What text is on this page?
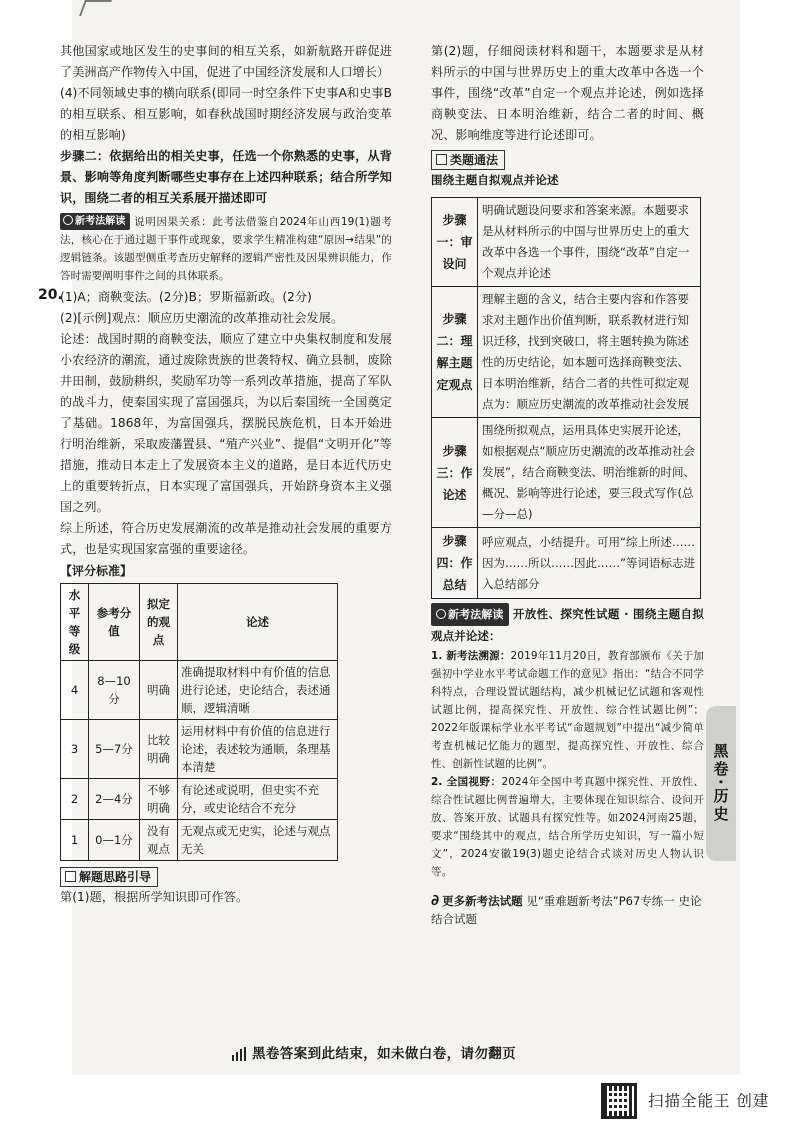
其他国家或地区发生的史事间的相互关系，如新航路开辟促进了美洲高产作物传入中国，促进了中国经济发展和人口增长）

(4)不同领域史事的横向联系(即同一时空条件下史事A和史事B的相互联系、相互影响，如春秋战国时期经济发展与政治变革的相互影响)

步骤二：依据给出的相关史事，任选一个你熟悉的史事，从背景、影响等角度判断哪些史事存在上述四种联系；结合所学知识，围绕二者的相互关系展开描述即可

新考法解读 说明因果关系：此考法借鉴自2024年山西19(1)题考法，核心在于通过题干事件或现象，要求学生精准构建“原因→结果”的逻辑链条。该题型侧重考查历史解释的逻辑严密性及因果辨识能力，作答时需要阐明事件之间的具体联系。

20.

(1)A；商鞅变法。(2分)B；罗斯福新政。(2分)

(2)[示例]观点：顺应历史潮流的改革推动社会发展。

论述：战国时期的商鞅变法，顺应了建立中央集权制度和发展小农经济的潮流，通过废除贵族的世袭特权、确立县制，废除井田制，鼓励耕织，奖励军功等一系列改革措施，提高了军队的战斗力，使秦国实现了富国强兵，为以后秦国统一全国奠定了基础。1868年，为富国强兵，摆脱民族危机，日本开始进行明治维新，采取废藩置县、“殖产兴业”、提倡“文明开化”等措施，推动日本走上了发展资本主义的道路，是日本近代历史上的重要转折点，日本实现了富国强兵，开始跻身资本主义强国之列。

综上所述，符合历史发展潮流的改革是推动社会发展的重要方式，也是实现国家富强的重要途径。

【评分标准】
水平等级	参考分值	拟定的观点	论述
4	8—10分	明确	准确提取材料中有价值的信息进行论述，史论结合，表述通顺，逻辑清晰
3	5—7分	比较明确	运用材料中有价值的信息进行论述，表述较为通顺，条理基本清楚
2	2—4分	不够明确	有论述或说明，但史实不充分，或史论结合不充分
1	0—1分	没有观点	无观点或无史实，论述与观点无关
解题思路引导

第(1)题，根据所学知识即可作答。

第(2)题，仔细阅读材料和题干，本题要求是从材料所示的中国与世界历史上的重大改革中各选一个事件，围绕“改革”自定一个观点并论述，例如选择商鞅变法、日本明治维新，结合二者的时间、概况、影响维度等进行论述即可。

类题通法

围绕主题自拟观点并论述

步骤一：审设问	明确试题设问要求和答案来源。本题要求是从材料所示的中国与世界历史上的重大改革中各选一个事件，围绕“改革”自定一个观点并论述
步骤二：理解主题定观点	理解主题的含义，结合主要内容和作答要求对主题作出价值判断，联系教材进行知识迁移，找到突破口，将主题转换为陈述性的历史结论，如本题可选择商鞅变法、日本明治维新，结合二者的共性可拟定观点为：顺应历史潮流的改革推动社会发展
步骤三：作论述	围绕所拟观点，运用具体史实展开论述，如根据观点“顺应历史潮流的改革推动社会发展”，结合商鞅变法、明治维新的时间、概况、影响等进行论述，要三段式写作(总—分—总)
步骤四：作总结	呼应观点，小结提升。可用“综上所述……因为……所以……因此……”等词语标志进入总结部分

新考法解读 开放性、探究性试题 · 围绕主题自拟观点并论述：

1. 新考法溯源：2019年11月20日，教育部颁布《关于加强初中学业水平考试命题工作的意见》指出：“结合不同学科特点，合理设置试题结构，减少机械记忆试题和客观性试题比例，提高探究性、开放性、综合性试题比例”；2022年版课标学业水平考试“命题规划”中提出“减少简单考查机械记忆能力的题型，提高探究性、开放性、综合性、创新性试题的比例”。

2. 全国视野：2024年全国中考真题中探究性、开放性、综合性试题比例普遍增大，主要体现在知识综合、设问开放、答案开放、试题具有探究性等。如2024河南25题，要求“围绕其中的观点，结合所学历史知识，写一篇小短文”，2024安徽19(3)题史论结合式谈对历史人物认识等。

∂ 更多新考法试题 见“重难题新考法”P67专练一 史论结合试题

黑卷·历史
黑卷答案到此结束，如未做白卷，请勿翻页
扫描全能王 创建
